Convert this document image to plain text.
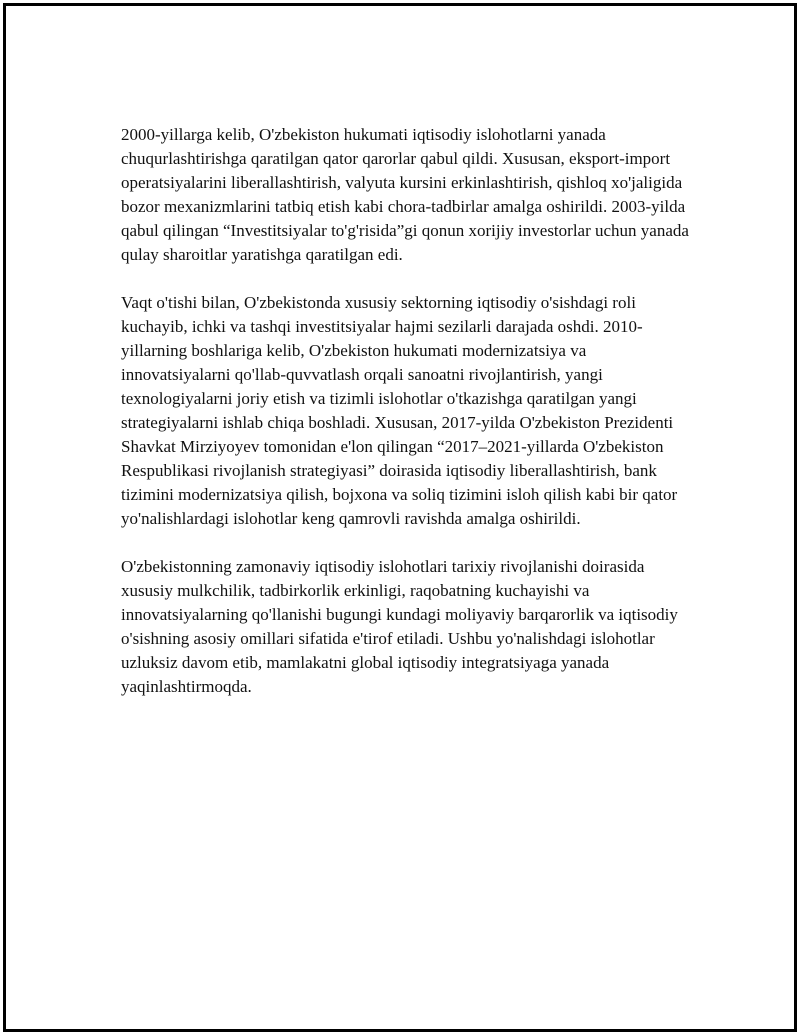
2000-yillarga kelib, O'zbekiston hukumati iqtisodiy islohotlarni yanada chuqurlashtirishga qaratilgan qator qarorlar qabul qildi. Xususan, eksport-import operatsiyalarini liberallashtirish, valyuta kursini erkinlashtirish, qishloq xo'jaligida bozor mexanizmlarini tatbiq etish kabi chora-tadbirlar amalga oshirildi. 2003-yilda qabul qilingan “Investitsiyalar to'g'risida”gi qonun xorijiy investorlar uchun yanada qulay sharoitlar yaratishga qaratilgan edi.

Vaqt o'tishi bilan, O'zbekistonda xususiy sektorning iqtisodiy o'sishdagi roli kuchayib, ichki va tashqi investitsiyalar hajmi sezilarli darajada oshdi. 2010-yillarning boshlariga kelib, O'zbekiston hukumati modernizatsiya va innovatsiyalarni qo'llab-quvvatlash orqali sanoatni rivojlantirish, yangi texnologiyalarni joriy etish va tizimli islohotlar o'tkazishga qaratilgan yangi strategiyalarni ishlab chiqa boshladi. Xususan, 2017-yilda O'zbekiston Prezidenti Shavkat Mirziyoyev tomonidan e'lon qilingan “2017–2021-yillarda O'zbekiston Respublikasi rivojlanish strategiyasi” doirasida iqtisodiy liberallashtirish, bank tizimini modernizatsiya qilish, bojxona va soliq tizimini isloh qilish kabi bir qator yo'nalishlardagi islohotlar keng qamrovli ravishda amalga oshirildi.

O'zbekistonning zamonaviy iqtisodiy islohotlari tarixiy rivojlanishi doirasida xususiy mulkchilik, tadbirkorlik erkinligi, raqobatning kuchayishi va innovatsiyalarning qo'llanishi bugungi kundagi moliyaviy barqarorlik va iqtisodiy o'sishning asosiy omillari sifatida e'tirof etiladi. Ushbu yo'nalishdagi islohotlar uzluksiz davom etib, mamlakatni global iqtisodiy integratsiyaga yanada yaqinlashtirmoqda.
